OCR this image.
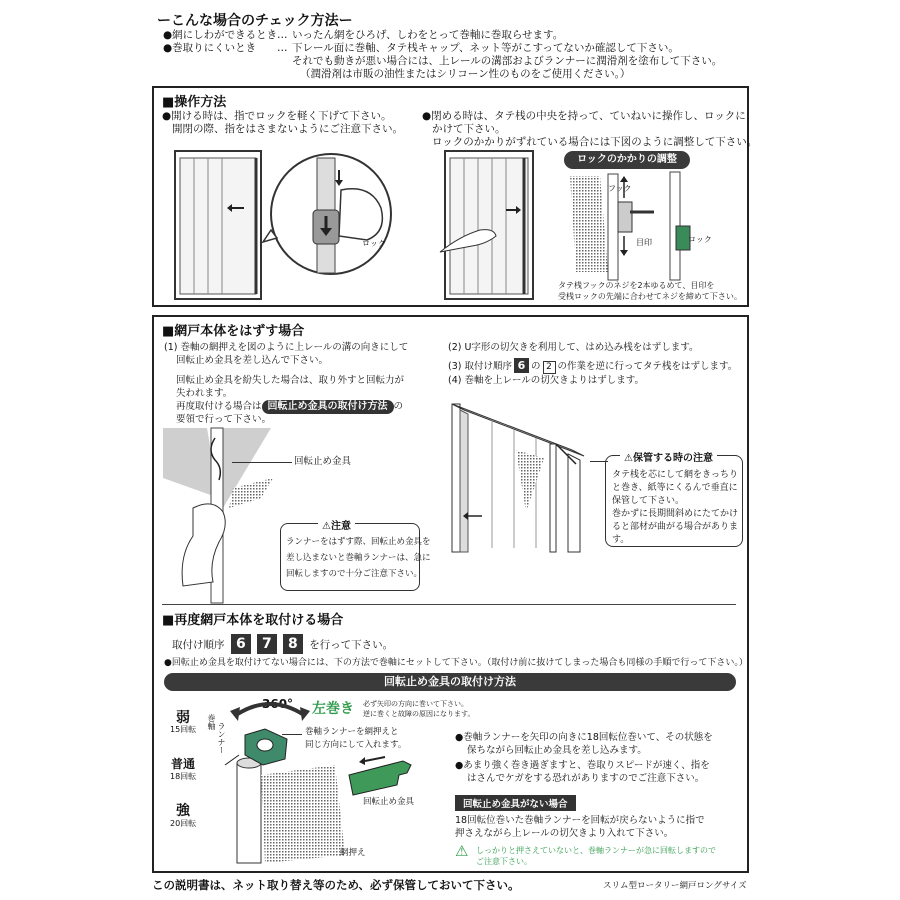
ーこんな場合のチェック方法ー
●網にしわができるとき … いったん網をひろげ、しわをとって巻軸に巻取らせます。
●巻取りにくいとき … 下レール面に巻軸、タテ桟キャップ、ネット等がこすってないか確認して下さい。
それでも動きが悪い場合には、上レールの溝部およびランナーに潤滑剤を塗布して下さい。
（潤滑剤は市販の油性またはシリコーン性のものをご使用ください。）
■操作方法
●開ける時は、指でロックを軽く下げて下さい。
開閉の際、指をはさまないようにご注意下さい。
ロック
●閉める時は、タテ桟の中央を持って、ていねいに操作し、ロックに
かけて下さい。
ロックのかかりがずれている場合には下図のように調整して下さい。
ロックのかかりの調整
フック
目印	ロック
タテ桟フックのネジを2本ゆるめて、目印を
受桟ロックの先端に合わせてネジを締めて下さい。
■網戸本体をはずす場合
(1) 巻軸の網押えを図のように上レールの溝の向きにして
回転止め金具を差し込んで下さい。
回転止め金具を紛失した場合は、取り外すと回転力が
失われます。
再度取付ける場合は 回転止め金具の取付け方法 の
要領で行って下さい。
回転止め金具
⚠注意
ランナーをはずす際、回転止め金具を
差し込まないと巻軸ランナーは、急に
回転しますので十分ご注意下さい。
(2) U字形の切欠きを利用して、はめ込み桟をはずします。
(3) 取付け順序 6 の 2 の作業を逆に行ってタテ桟をはずします。
(4) 巻軸を上レールの切欠きよりはずします。
⚠保管する時の注意
タテ桟を芯にして網をきっちり
と巻き、紙等にくるんで垂直に
保管して下さい。
巻かずに長期間斜めにたてかけ
ると部材が曲がる場合がありま
す。
■再度網戸本体を取付ける場合
取付け順序 6 7 8 を行って下さい。
●回転止め金具を取付けてない場合には、下の方法で巻軸にセットして下さい。（取付け前に抜けてしまった場合も同様の手順で行って下さい。）
回転止め金具の取付け方法
360° 左巻き 必ず矢印の方向に巻いて下さい。
逆に巻くと故障の原因になります。
弱
15回転
普通
18回転
強
20回転
巻軸 ランナー	巻軸ランナーを網押えと
同じ方向にして入れます。
回転止め金具
網押え
●巻軸ランナーを矢印の向きに18回転位巻いて、その状態を
保ちながら回転止め金具を差し込みます。
●あまり強く巻き過ぎますと、巻取りスピードが速く、指を
はさんでケガをする恐れがありますのでご注意下さい。
回転止め金具がない場合
18回転位巻いた巻軸ランナーを回転が戻らないように指で
押さえながら上レールの切欠きより入れて下さい。
⚠ しっかりと押さえていないと、巻軸ランナーが急に回転しますので
ご注意下さい。
この説明書は、ネット取り替え等のため、必ず保管しておいて下さい。	スリム型ロータリー網戸ロングサイズ
